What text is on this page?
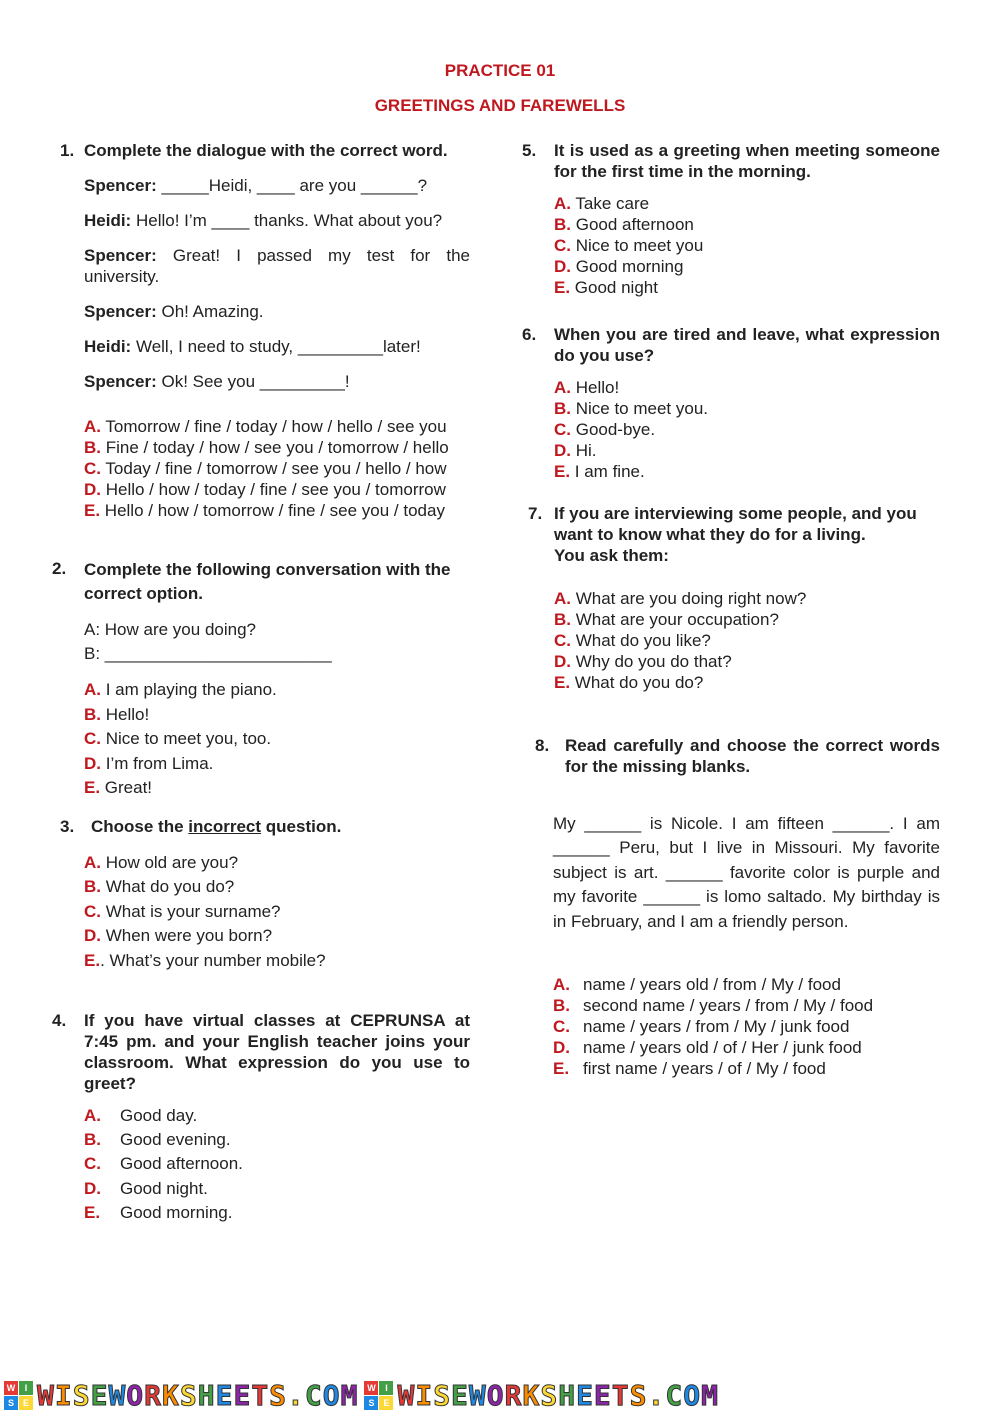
PRACTICE 01
GREETINGS AND FAREWELLS
1. Complete the dialogue with the correct word.

Spencer: _____Heidi, ____ are you ______?

Heidi: Hello! I’m ____ thanks. What about you?

Spencer: Great! I passed my test for the university.

Spencer: Oh! Amazing.

Heidi: Well, I need to study, _________later!

Spencer: Ok! See you _________!

A. Tomorrow / fine / today / how / hello / see you
B. Fine / today / how / see you / tomorrow / hello
C. Today / fine / tomorrow / see you / hello / how
D. Hello / how / today / fine / see you / tomorrow
E. Hello / how / tomorrow / fine / see you / today
2. Complete the following conversation with the correct option.
A: How are you doing?
B: ________________________
A. I am playing the piano.
B. Hello!
C. Nice to meet you, too.
D. I’m from Lima.
E. Great!
3. Choose the incorrect question.
A. How old are you?
B. What do you do?
C. What is your surname?
D. When were you born?
E.. What’s your number mobile?
4. If you have virtual classes at CEPRUNSA at 7:45 pm. and your English teacher joins your classroom. What expression do you use to greet?
A. Good day.
B. Good evening.
C. Good afternoon.
D. Good night.
E. Good morning.
5. It is used as a greeting when meeting someone for the first time in the morning.
A. Take care
B. Good afternoon
C. Nice to meet you
D. Good morning
E. Good night
6. When you are tired and leave, what expression do you use?
A. Hello!
B. Nice to meet you.
C. Good-bye.
D. Hi.
E. I am fine.
7. If you are interviewing some people, and you want to know what they do for a living.
You ask them:
A. What are you doing right now?
B. What are your occupation?
C. What do you like?
D. Why do you do that?
E. What do you do?
8. Read carefully and choose the correct words for the missing blanks.
My ______ is Nicole. I am fifteen ______. I am ______ Peru, but I live in Missouri. My favorite subject is art. ______ favorite color is purple and my favorite ______ is lomo saltado. My birthday is in February, and I am a friendly person.
A. name / years old / from / My / food
B. second name / years / from / My / food
C. name / years / from / My / junk food
D. name / years old / of / Her / junk food
E. first name / years / of / My / food
W	I
S E WISEWORKSHEETS.COM W	I
S E WISEWORKSHEETS.COM
